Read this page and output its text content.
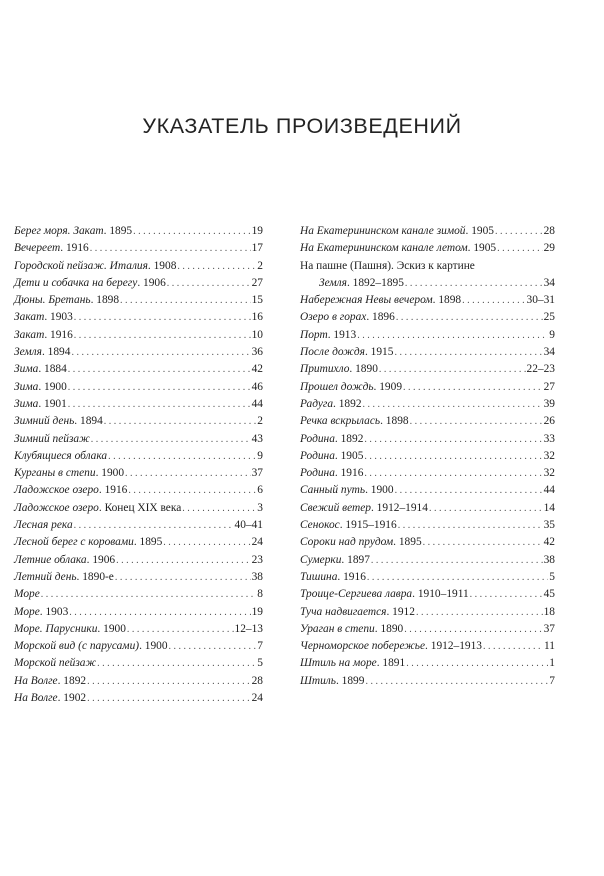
УКАЗАТЕЛЬ ПРОИЗВЕДЕНИЙ
Берег моря. Закат. 1895 . . .	19
Вечереет. 1916 . . .	17
Городской пейзаж. Италия. 1908 . . .	2
Дети и собачка на берегу. 1906 . . .	27
Дюны. Бретань. 1898 . . .	15
Закат. 1903 . . .	16
Закат. 1916 . . .	10
Земля. 1894 . . .	36
Зима. 1884 . . .	42
Зима. 1900 . . .	46
Зима. 1901 . . .	44
Зимний день. 1894 . . .	2
Зимний пейзаж . . .	43
Клубящиеся облака . . .	9
Курганы в степи. 1900 . . .	37
Ладожское озеро. 1916 . . .	6
Ладожское озеро. Конец XIX века . . .	3
Лесная река . . .	40–41
Лесной берег с коровами. 1895 . . .	24
Летние облака. 1906 . . .	23
Летний день. 1890-е . . .	38
Море . . .	8
Море. 1903 . . .	19
Море. Парусники. 1900 . . .	12–13
Морской вид (с парусами). 1900 . . .	7
Морской пейзаж . . .	5
На Волге. 1892 . . .	28
На Волге. 1902 . . .	24
На Екатерининском канале зимой. 1905 . . .	28
На Екатерининском канале летом. 1905 . . .	29
На пашне (Пашня). Эскиз к картине
Земля. 1892–1895 . . .	34
Набережная Невы вечером. 1898 . . .	30–31
Озеро в горах. 1896 . . .	25
Порт. 1913 . . .	9
После дождя. 1915 . . .	34
Притихло. 1890 . . .	22–23
Прошел дождь. 1909 . . .	27
Радуга. 1892 . . .	39
Речка вскрылась. 1898 . . .	26
Родина. 1892 . . .	33
Родина. 1905 . . .	32
Родина. 1916 . . .	32
Санный путь. 1900 . . .	44
Свежий ветер. 1912–1914 . . .	14
Сенокос. 1915–1916 . . .	35
Сороки над прудом. 1895 . . .	42
Сумерки. 1897 . . .	38
Тишина. 1916 . . .	5
Троице-Сергиева лавра. 1910–1911 . . .	45
Туча надвигается. 1912 . . .	18
Ураган в степи. 1890 . . .	37
Черноморское побережье. 1912–1913 . . .	11
Штиль на море. 1891 . . .	1
Штиль. 1899 . . .	7
